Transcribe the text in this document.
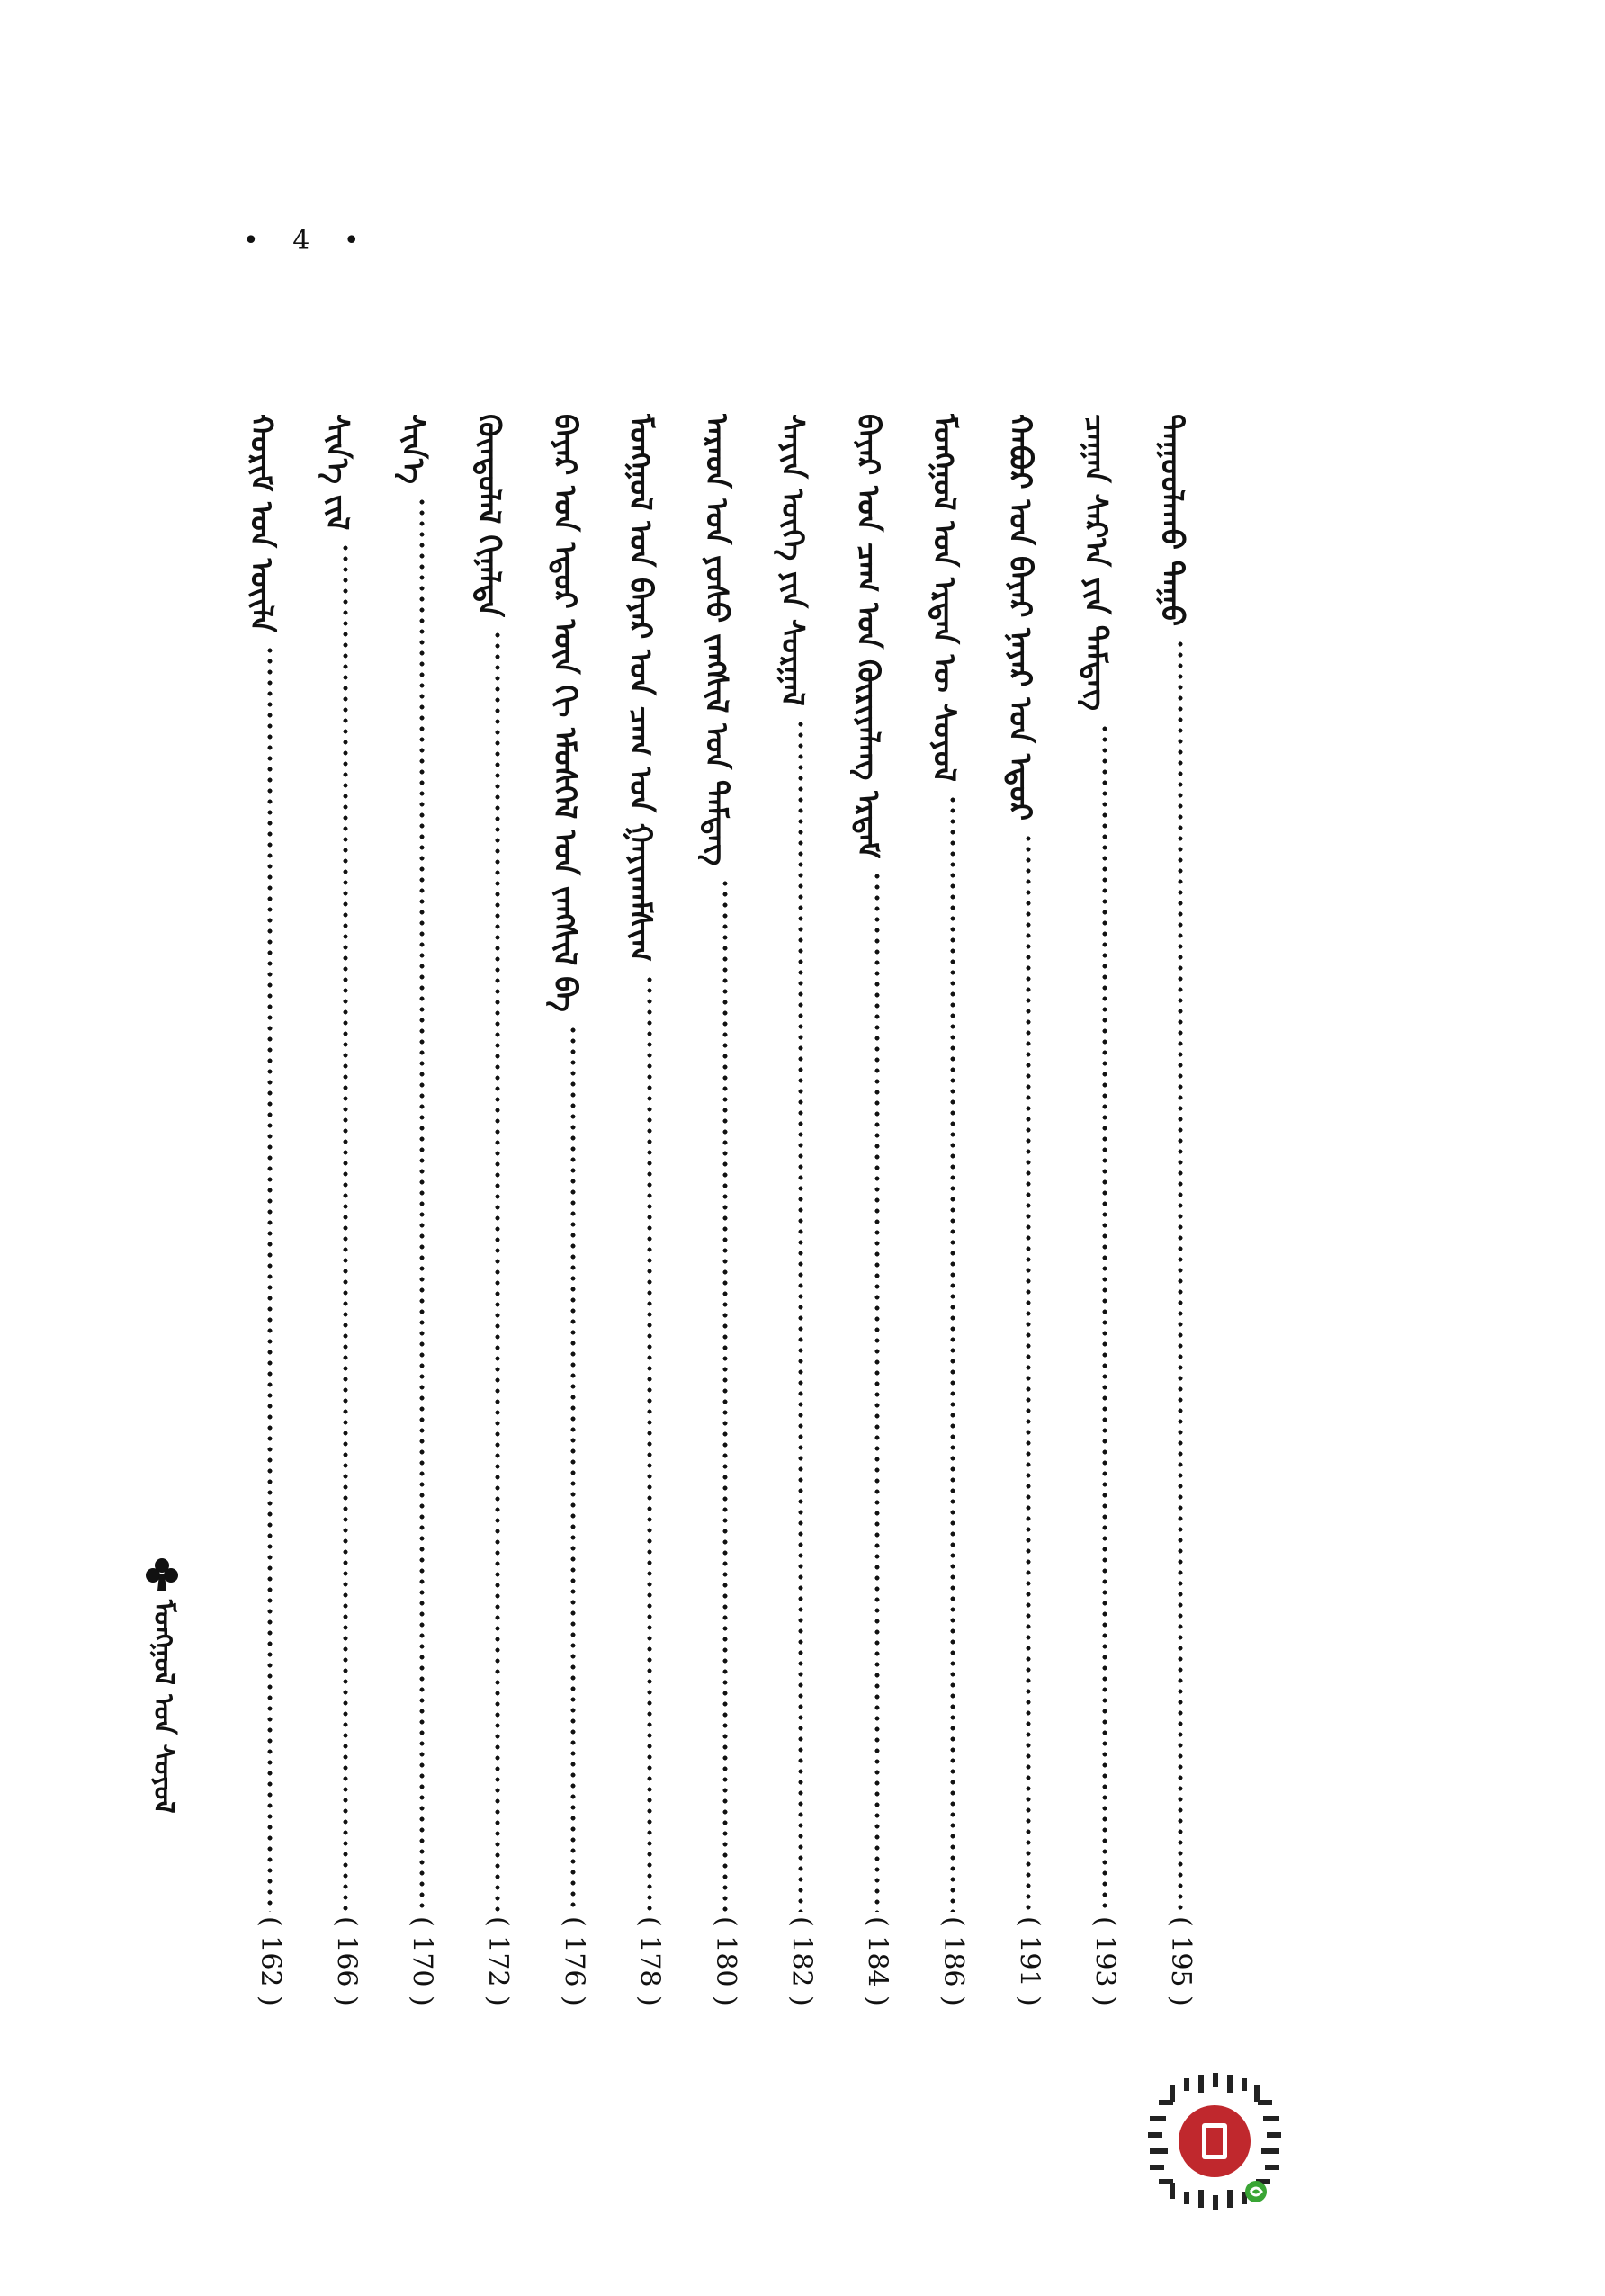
• 4 •
ᠳᠠᠭᠤᠤᠯᠠᠬᠤ ᠳᠠᠭᠤ
( 195 )
ᠴᠠᠭᠠᠨ ᠰᠠᠷ᠎ᠠ ᠶᠢᠨ ᠲᠡᠮᠳᠡᠭ
( 193 )
ᠬᠠᠪᠤᠷ ᠤᠨ ᠪᠠᠶᠠᠷ ᠨᠠᠶᠠᠷ ᠤᠨ ᠡᠳᠦᠷ
( 191 )
ᠮᠣᠩᠭᠣᠯ ᠤᠨ ᠡᠷᠲᠡᠨ ᠦ ᠰᠤᠶᠤᠯ
( 186 )
ᠪᠠᠶᠠᠷ ᠤᠨ ᠴᠠᠭ ᠤᠨ ᠬᠦᠷᠢᠶᠡᠯᠡᠩ ᠡᠷᠳᠡᠮ
( 184 )
ᠰᠠᠶᠢᠨ ᠦᠭᠡ ᠶᠢᠨ ᠰᠤᠷᠭᠠᠯ
( 182 )
ᠠᠷᠠᠳ ᠤᠨ ᠶᠣᠰᠤ ᠵᠠᠩᠰᠢᠯ ᠤᠨ ᠲᠡᠮᠳᠡᠭ
( 180 )
ᠮᠣᠩᠭᠣᠯ ᠤᠨ ᠪᠠᠶᠠᠷ ᠤᠨ ᠴᠠᠭ ᠤᠨ ᠭᠠᠶᠢᠬᠠᠮᠰᠢᠭ
( 178 )
ᠪᠠᠶᠠᠷ ᠤᠨ ᠡᠳᠦᠷ ᠦᠨ ᠬᠢ ᠡᠮᠦᠰᠬᠡᠯ ᠤᠨ ᠵᠠᠩᠰᠢᠯ ᠪᠠ
( 176 )
ᠬᠦᠨᠳᠦᠯᠡᠯ ᠬᠢᠨᠠᠯᠲᠠ
( 172 )
ᠰᠢᠨ᠎ᠡ
( 170 )
ᠰᠢᠨ᠎ᠡ ᠵᠢᠯ
( 166 )
ᠬᠤᠷᠢᠮ ᠤᠨ ᠦᠢᠯᠡ
( 162 )
ᠮᠣᠩᠭᠣᠯ ᠤᠨ ᠰᠣᠶᠤᠯ
